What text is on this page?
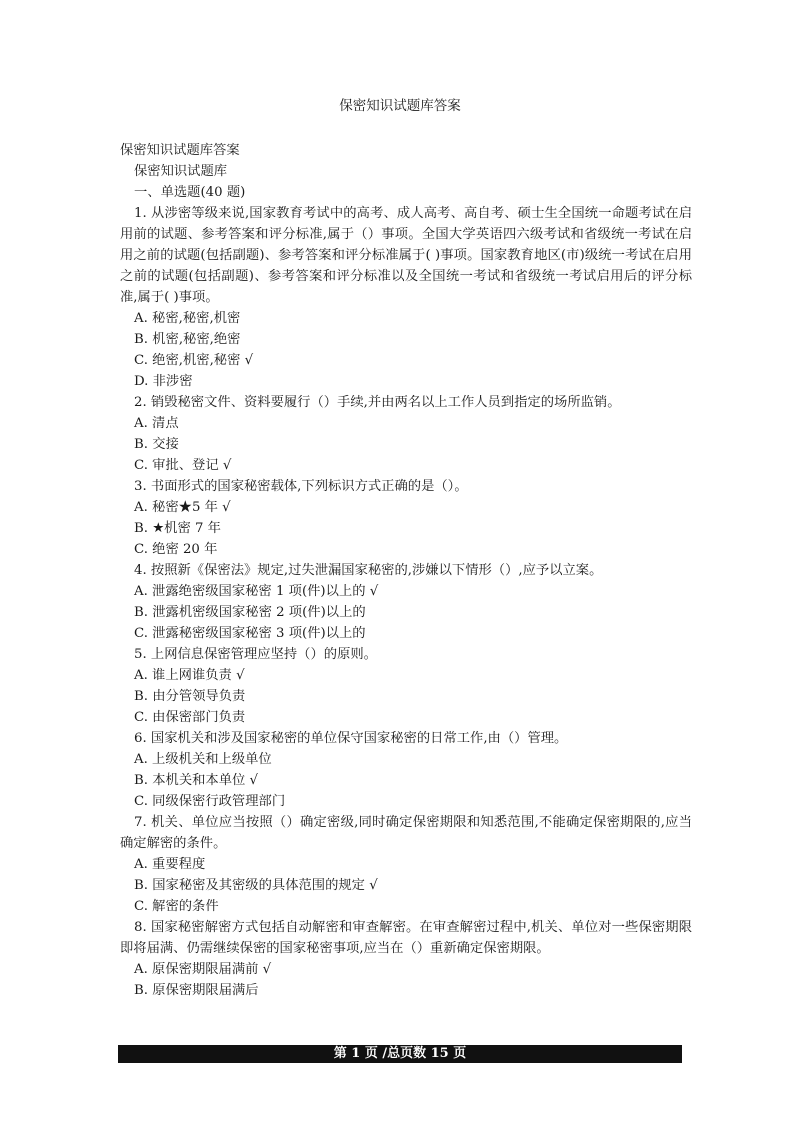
保密知识试题库答案

保密知识试题库答案

保密知识试题库

一、单选题(40 题)

1. 从涉密等级来说,国家教育考试中的高考、成人高考、高自考、硕士生全国统一命题考试在启用前的试题、参考答案和评分标准,属于（）事项。全国大学英语四六级考试和省级统一考试在启用之前的试题(包括副题)、参考答案和评分标准属于( )事项。国家教育地区(市)级统一考试在启用之前的试题(包括副题)、参考答案和评分标准以及全国统一考试和省级统一考试启用后的评分标准,属于( )事项。

A. 秘密,秘密,机密

B. 机密,秘密,绝密

C. 绝密,机密,秘密 √

D. 非涉密

2. 销毁秘密文件、资料要履行（）手续,并由两名以上工作人员到指定的场所监销。

A. 清点

B. 交接

C. 审批、登记 √

3. 书面形式的国家秘密载体,下列标识方式正确的是（）。

A. 秘密★5 年 √

B. ★机密 7 年

C. 绝密 20 年

4. 按照新《保密法》规定,过失泄漏国家秘密的,涉嫌以下情形（）,应予以立案。

A. 泄露绝密级国家秘密 1 项(件)以上的 √

B. 泄露机密级国家秘密 2 项(件)以上的

C. 泄露秘密级国家秘密 3 项(件)以上的

5. 上网信息保密管理应坚持（）的原则。

A. 谁上网谁负责 √

B. 由分管领导负责

C. 由保密部门负责

6. 国家机关和涉及国家秘密的单位保守国家秘密的日常工作,由（）管理。

A. 上级机关和上级单位

B. 本机关和本单位 √

C. 同级保密行政管理部门

7. 机关、单位应当按照（）确定密级,同时确定保密期限和知悉范围,不能确定保密期限的,应当确定解密的条件。

A. 重要程度

B. 国家秘密及其密级的具体范围的规定 √

C. 解密的条件

8. 国家秘密解密方式包括自动解密和审查解密。在审查解密过程中,机关、单位对一些保密期限即将届满、仍需继续保密的国家秘密事项,应当在（）重新确定保密期限。

A. 原保密期限届满前 √

B. 原保密期限届满后

第 1 页 /总页数 15 页
